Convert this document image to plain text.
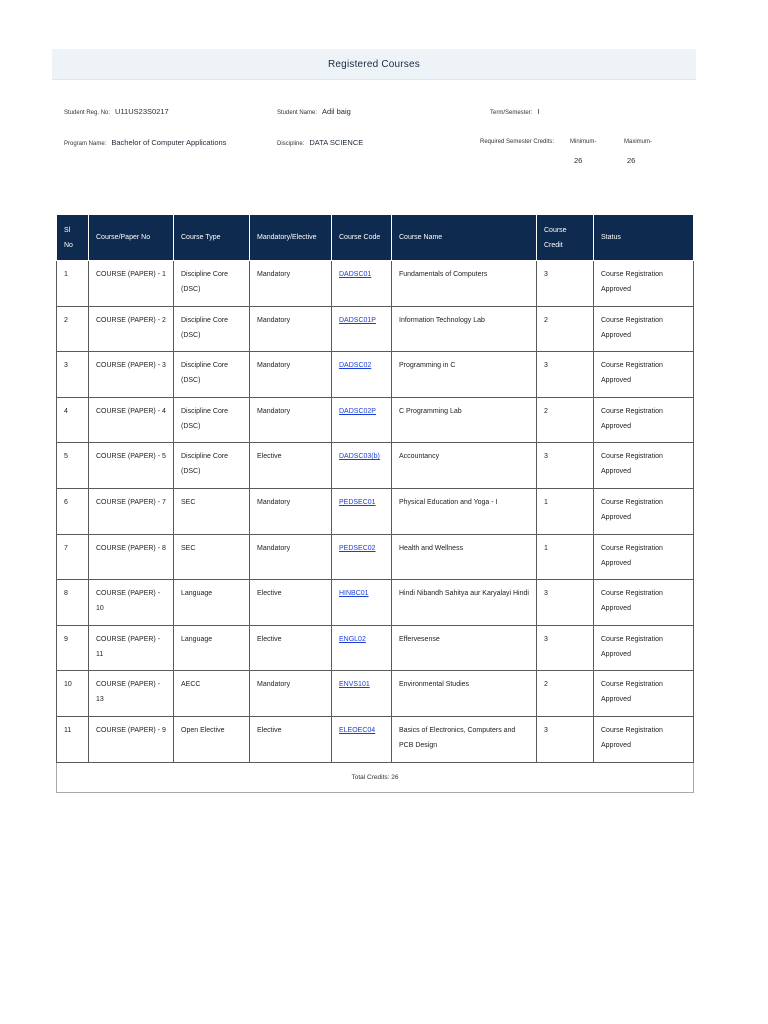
Registered Courses
Student Reg. No: U11US23S0217	Student Name: Adil baig	Term/Semester: I
Program Name: Bachelor of Computer Applications	Discipline: DATA SCIENCE	Required Semester Credits:	Minimum-	Maximum-
26	26
Sl No	Course/Paper No	Course Type	Mandatory/Elective	Course Code	Course Name	Course Credit	Status
1	COURSE (PAPER) - 1	Discipline Core (DSC)	Mandatory	DADSC01	Fundamentals of Computers	3	Course Registration Approved
2	COURSE (PAPER) - 2	Discipline Core (DSC)	Mandatory	DADSC01P	Information Technology Lab	2	Course Registration Approved
3	COURSE (PAPER) - 3	Discipline Core (DSC)	Mandatory	DADSC02	Programming in C	3	Course Registration Approved
4	COURSE (PAPER) - 4	Discipline Core (DSC)	Mandatory	DADSC02P	C Programming Lab	2	Course Registration Approved
5	COURSE (PAPER) - 5	Discipline Core (DSC)	Elective	DADSC03(b)	Accountancy	3	Course Registration Approved
6	COURSE (PAPER) - 7	SEC	Mandatory	PEDSEC01	Physical Education and Yoga - I	1	Course Registration Approved
7	COURSE (PAPER) - 8	SEC	Mandatory	PEDSEC02	Health and Wellness	1	Course Registration Approved
8	COURSE (PAPER) - 10	Language	Elective	HINBC01	Hindi Nibandh Sahitya aur Karyalayi Hindi	3	Course Registration Approved
9	COURSE (PAPER) - 11	Language	Elective	ENGL02	Effervesense	3	Course Registration Approved
10	COURSE (PAPER) - 13	AECC	Mandatory	ENVS101	Environmental Studies	2	Course Registration Approved
11	COURSE (PAPER) - 9	Open Elective	Elective	ELEOEC04	Basics of Electronics, Computers and PCB Design	3	Course Registration Approved
Total Credits: 26							
